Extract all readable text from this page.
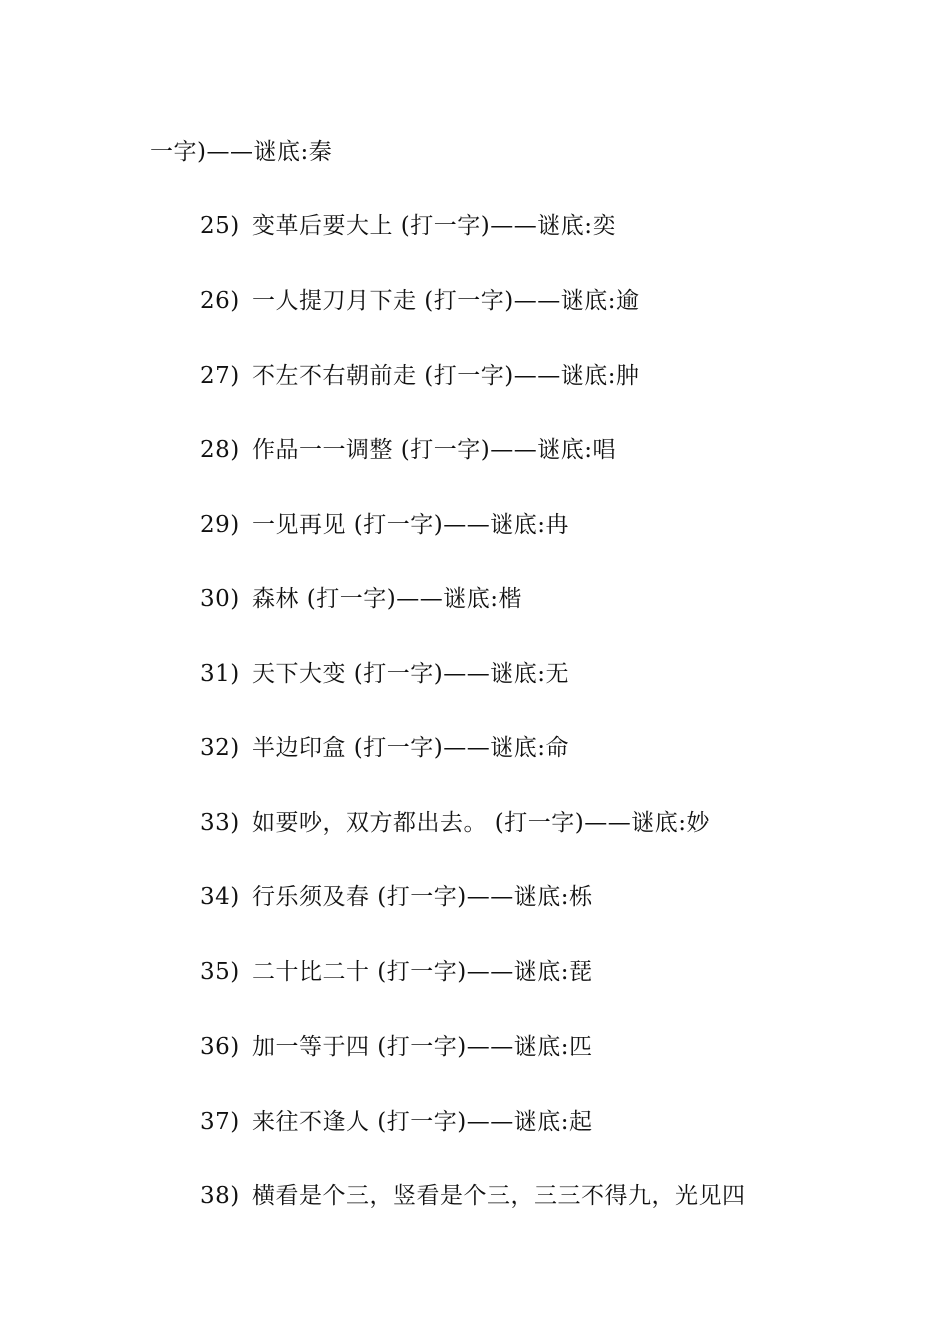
一字)——谜底:秦
25) 变革后要大上 (打一字)——谜底:奕
26) 一人提刀月下走 (打一字)——谜底:逾
27) 不左不右朝前走 (打一字)——谜底:肿
28) 作品一一调整 (打一字)——谜底:唱
29) 一见再见 (打一字)——谜底:冉
30) 森林 (打一字)——谜底:楷
31) 天下大变 (打一字)——谜底:无
32) 半边印盒 (打一字)——谜底:命
33) 如要吵，双方都出去。 (打一字)——谜底:妙
34) 行乐须及春 (打一字)——谜底:栎
35) 二十比二十 (打一字)——谜底:琵
36) 加一等于四 (打一字)——谜底:匹
37) 来往不逢人 (打一字)——谜底:起
38) 横看是个三，竖看是个三，三三不得九，光见四
